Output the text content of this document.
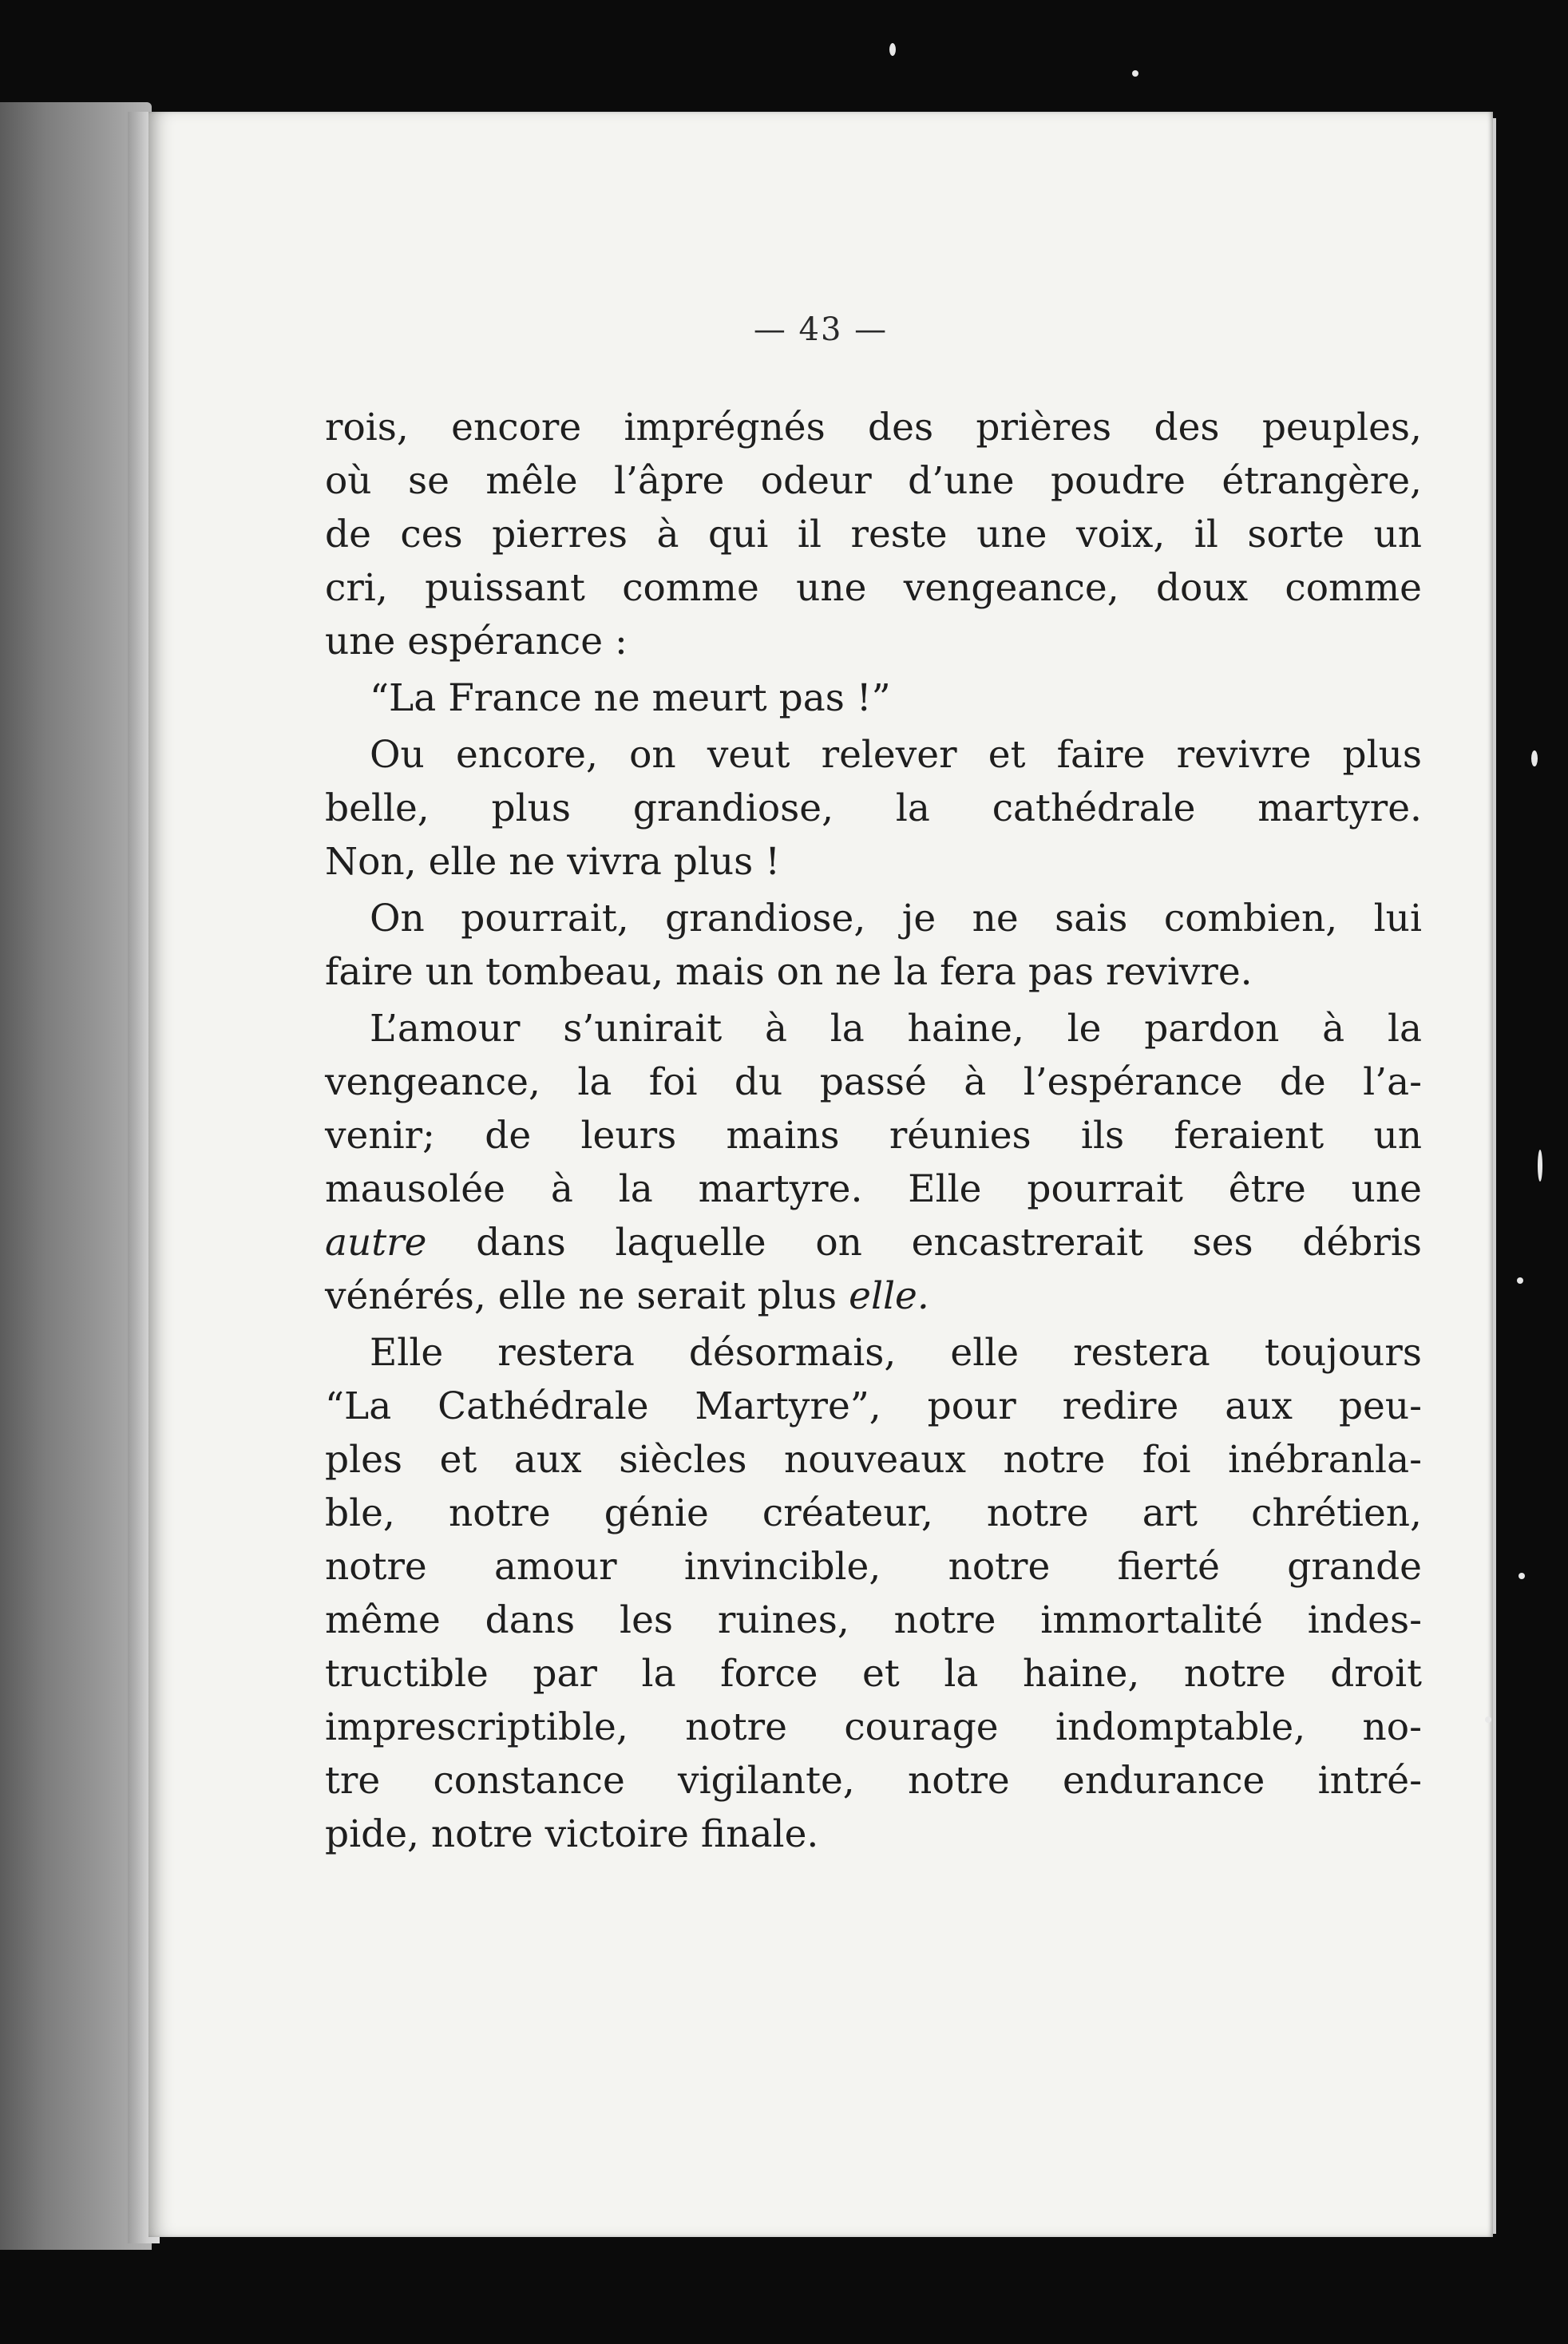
— 43 —
rois, encore imprégnés des prières des peuples,
où se mêle l’âpre odeur d’une poudre étrangère,
de ces pierres à qui il reste une voix, il sorte un
cri, puissant comme une vengeance, doux comme
une espérance :
“La France ne meurt pas !”
Ou encore, on veut relever et faire revivre plus
belle, plus grandiose, la cathédrale martyre.
Non, elle ne vivra plus !
On pourrait, grandiose, je ne sais combien, lui
faire un tombeau, mais on ne la fera pas revivre.
L’amour s’unirait à la haine, le pardon à la
vengeance, la foi du passé à l’espérance de l’a-
venir; de leurs mains réunies ils feraient un
mausolée à la martyre. Elle pourrait être une
autre dans laquelle on encastrerait ses débris
vénérés, elle ne serait plus elle.
Elle restera désormais, elle restera toujours
“La Cathédrale Martyre”, pour redire aux peu-
ples et aux siècles nouveaux notre foi inébranla-
ble, notre génie créateur, notre art chrétien,
notre amour invincible, notre fierté grande
même dans les ruines, notre immortalité indes-
tructible par la force et la haine, notre droit
imprescriptible, notre courage indomptable, no-
tre constance vigilante, notre endurance intré-
pide, notre victoire finale.
